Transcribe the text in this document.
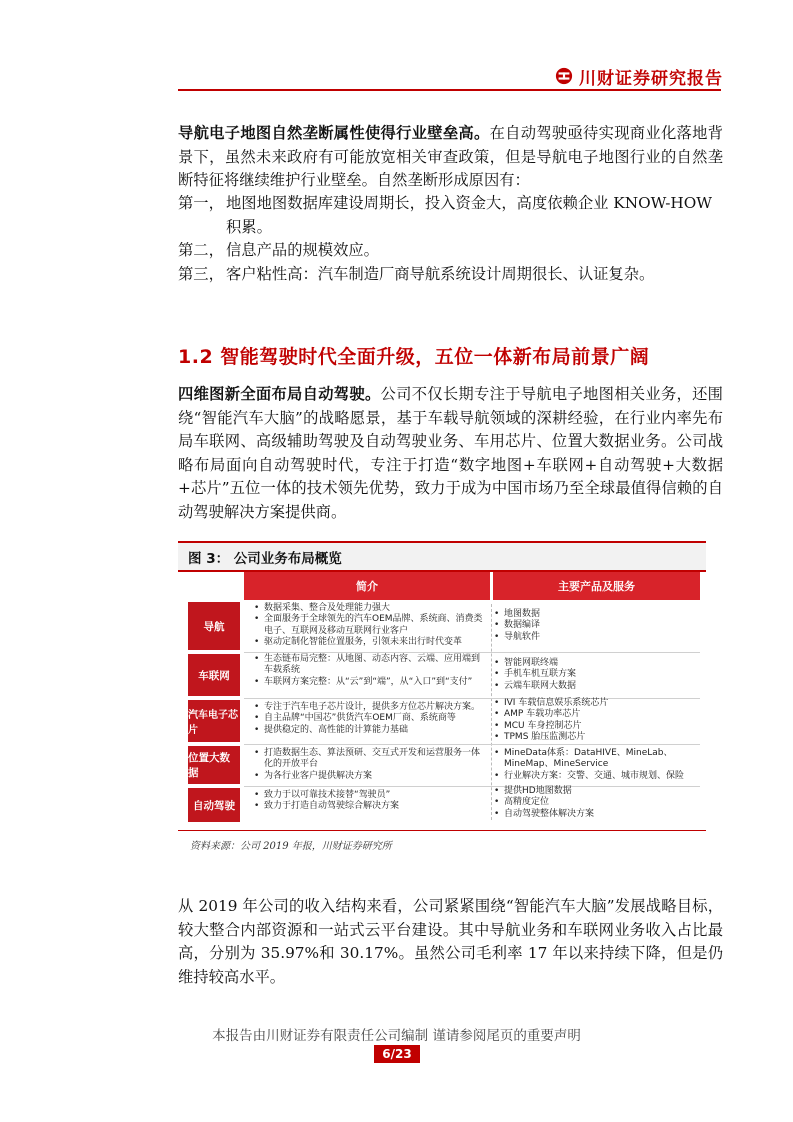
川财证券研究报告
导航电子地图自然垄断属性使得行业壁垒高。在自动驾驶亟待实现商业化落地背景下，虽然未来政府有可能放宽相关审查政策，但是导航电子地图行业的自然垄断特征将继续维护行业壁垒。自然垄断形成原因有：
第一， 地图地图数据库建设周期长，投入资金大，高度依赖企业 KNOW-HOW 积累。
第二， 信息产品的规模效应。
第三， 客户粘性高：汽车制造厂商导航系统设计周期很长、认证复杂。
1.2 智能驾驶时代全面升级，五位一体新布局前景广阔
四维图新全面布局自动驾驶。公司不仅长期专注于导航电子地图相关业务，还围绕“智能汽车大脑”的战略愿景，基于车载导航领域的深耕经验，在行业内率先布局车联网、高级辅助驾驶及自动驾驶业务、车用芯片、位置大数据业务。公司战略布局面向自动驾驶时代，专注于打造“数字地图+车联网+自动驾驶+大数据+芯片”五位一体的技术领先优势，致力于成为中国市场乃至全球最值得信赖的自动驾驶解决方案提供商。
图 3： 公司业务布局概览
简介	主要产品及服务
导航
• 数据采集、整合及处理能力强大
• 全面服务于全球领先的汽车OEM品牌、系统商、消费类电子、互联网及移动互联网行业客户
• 驱动定制化智能位置服务，引领未来出行时代变革
• 地图数据
• 数据编译
• 导航软件
车联网
• 生态链布局完整：从地图、动态内容、云端、应用端到车载系统
• 车联网方案完整：从“云”到“端”，从“入口”到“支付”
• 智能网联终端
• 手机车机互联方案
• 云端车联网大数据
汽车电子芯片
• 专注于汽车电子芯片设计，提供多方位芯片解决方案。
• 自主品牌“中国芯”供货汽车OEM厂商、系统商等
• 提供稳定的、高性能的计算能力基础
• IVI 车载信息娱乐系统芯片
• AMP 车载功率芯片
• MCU 车身控制芯片
• TPMS 胎压监测芯片
位置大数据
• 打造数据生态、算法预研、交互式开发和运营服务一体化的开放平台
• 为各行业客户提供解决方案
• MineData体系：DataHIVE、MineLab、MineMap、MineService
• 行业解决方案：交警、交通、城市规划、保险
自动驾驶
• 致力于以可靠技术接替“驾驶员”
• 致力于打造自动驾驶综合解决方案
• 提供HD地图数据
• 高精度定位
• 自动驾驶整体解决方案
资料来源：公司 2019 年报，川财证券研究所
从 2019 年公司的收入结构来看，公司紧紧围绕“智能汽车大脑”发展战略目标，较大整合内部资源和一站式云平台建设。其中导航业务和车联网业务收入占比最高，分别为 35.97%和 30.17%。虽然公司毛利率 17 年以来持续下降，但是仍维持较高水平。
本报告由川财证券有限责任公司编制 谨请参阅尾页的重要声明
6/23
